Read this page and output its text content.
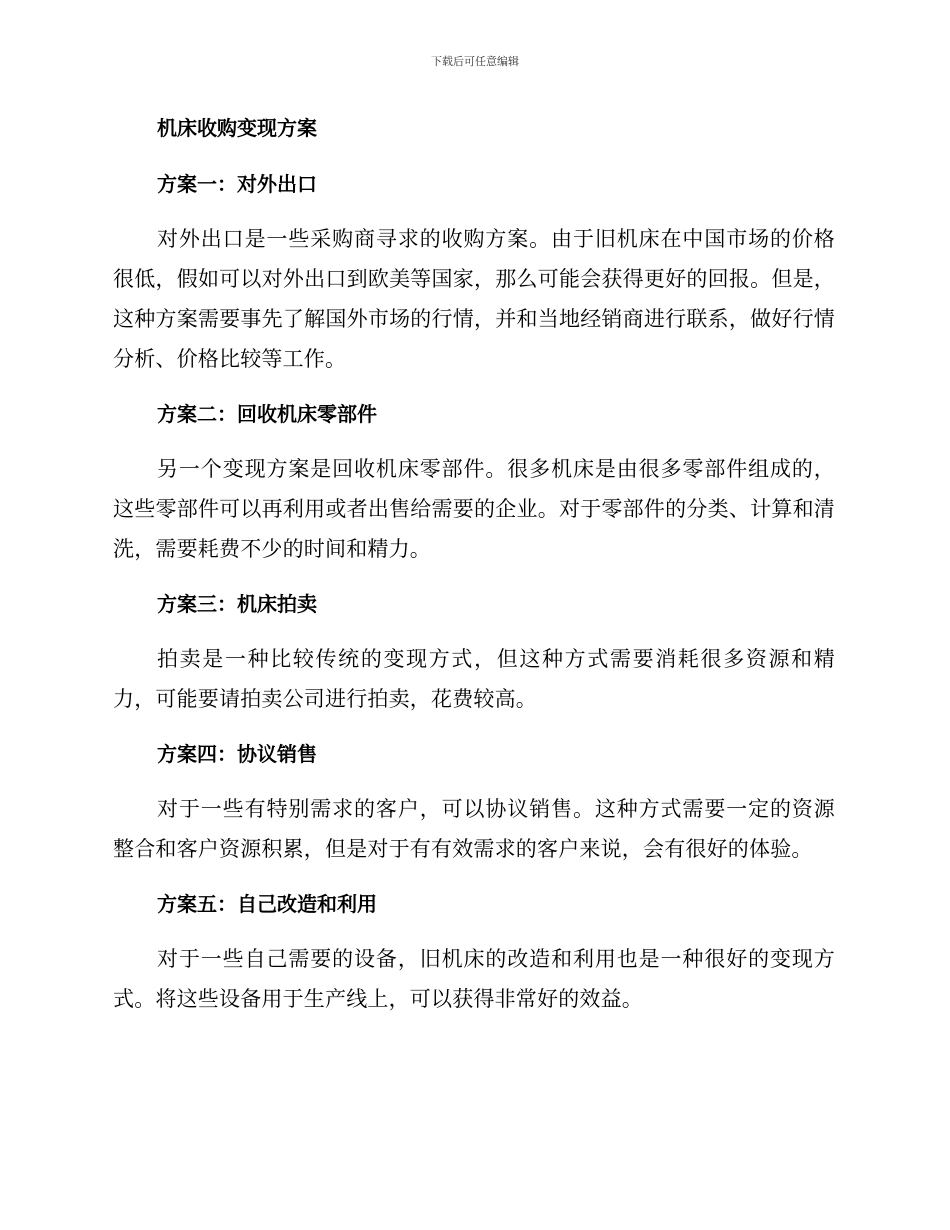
下载后可任意编辑
机床收购变现方案
方案一：对外出口

对外出口是一些采购商寻求的收购方案。由于旧机床在中国市场的价格很低，假如可以对外出口到欧美等国家，那么可能会获得更好的回报。但是，这种方案需要事先了解国外市场的行情，并和当地经销商进行联系，做好行情分析、价格比较等工作。

方案二：回收机床零部件

另一个变现方案是回收机床零部件。很多机床是由很多零部件组成的，这些零部件可以再利用或者出售给需要的企业。对于零部件的分类、计算和清洗，需要耗费不少的时间和精力。

方案三：机床拍卖

拍卖是一种比较传统的变现方式，但这种方式需要消耗很多资源和精力，可能要请拍卖公司进行拍卖，花费较高。

方案四：协议销售

对于一些有特别需求的客户，可以协议销售。这种方式需要一定的资源整合和客户资源积累，但是对于有有效需求的客户来说，会有很好的体验。

方案五：自己改造和利用

对于一些自己需要的设备，旧机床的改造和利用也是一种很好的变现方式。将这些设备用于生产线上，可以获得非常好的效益。
